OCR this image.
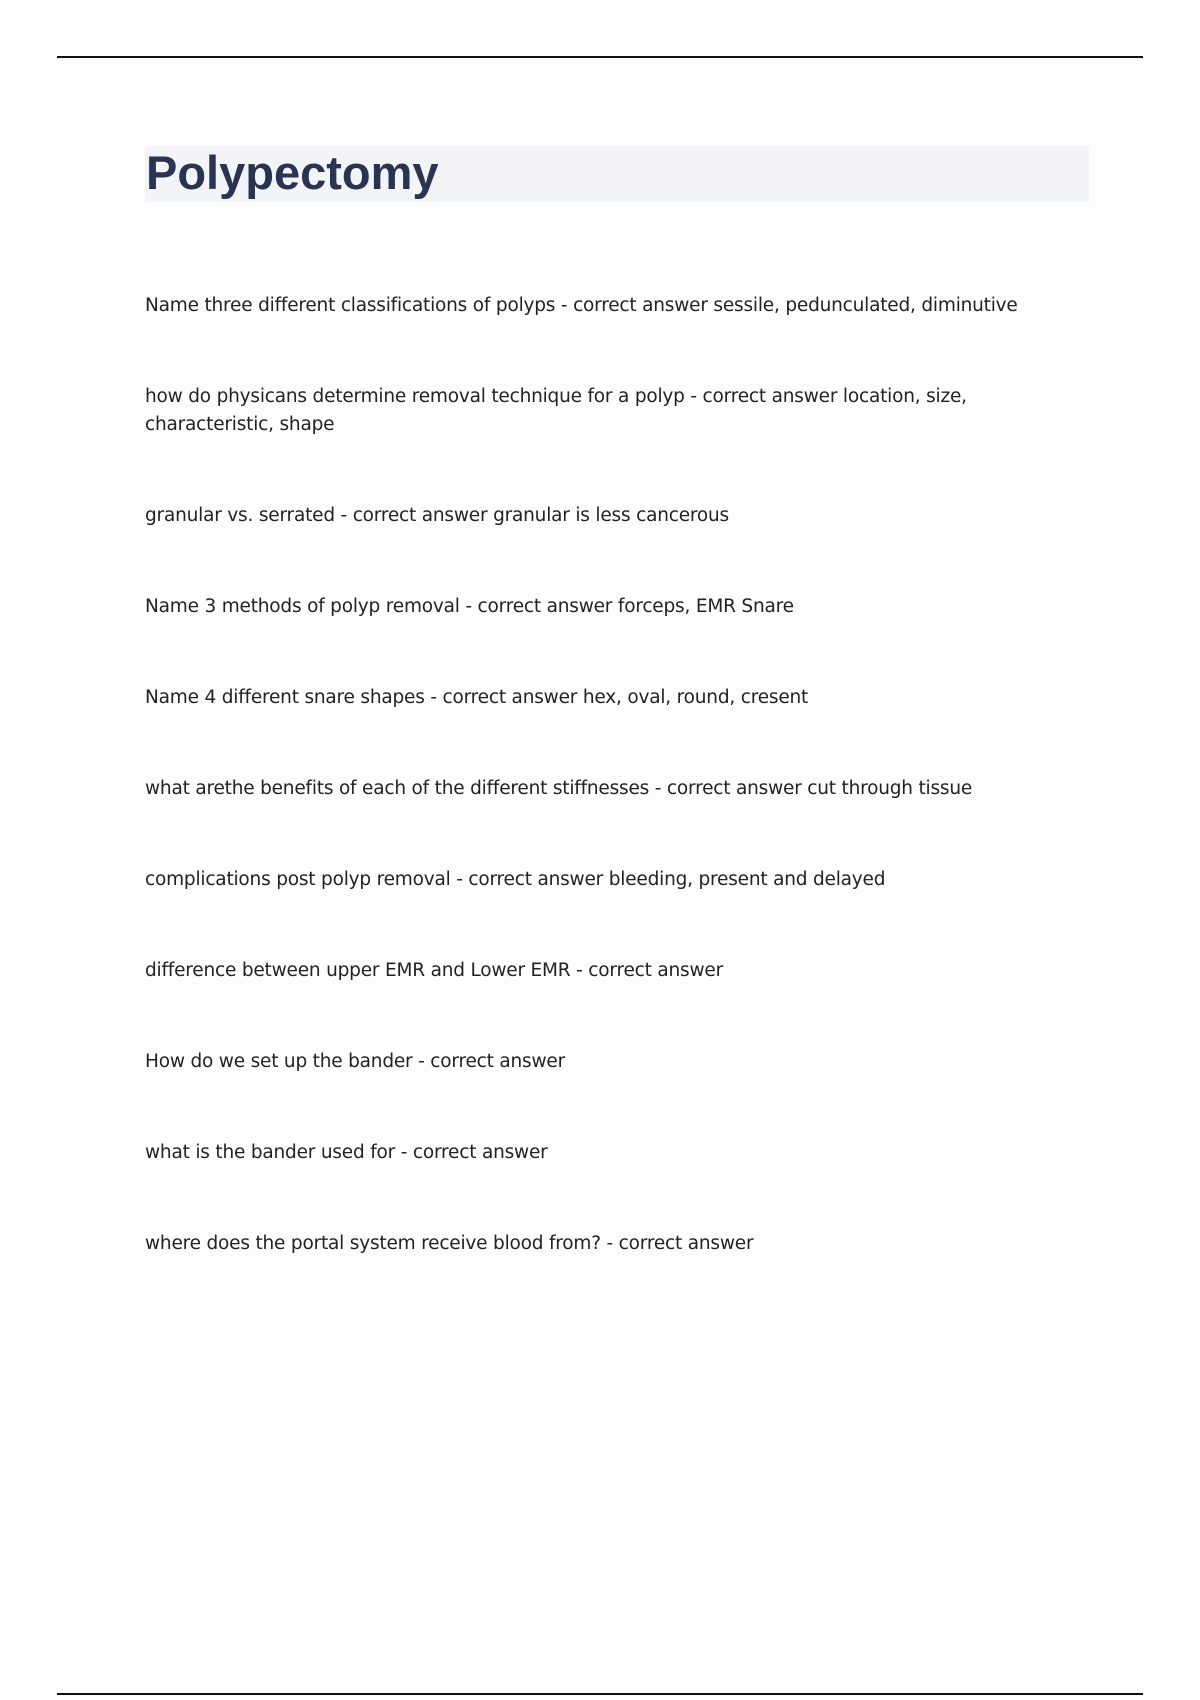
Polypectomy
Name three different classifications of polyps - correct answer sessile, pedunculated, diminutive
how do physicans determine removal technique for a polyp - correct answer location, size, characteristic, shape
granular vs. serrated - correct answer granular is less cancerous
Name 3 methods of polyp removal - correct answer forceps, EMR Snare
Name 4 different snare shapes - correct answer hex, oval, round, cresent
what arethe benefits of each of the different stiffnesses - correct answer cut through tissue
complications post polyp removal - correct answer bleeding, present and delayed
difference between upper EMR and Lower EMR - correct answer
How do we set up the bander - correct answer
what is the bander used for - correct answer
where does the portal system receive blood from? - correct answer
